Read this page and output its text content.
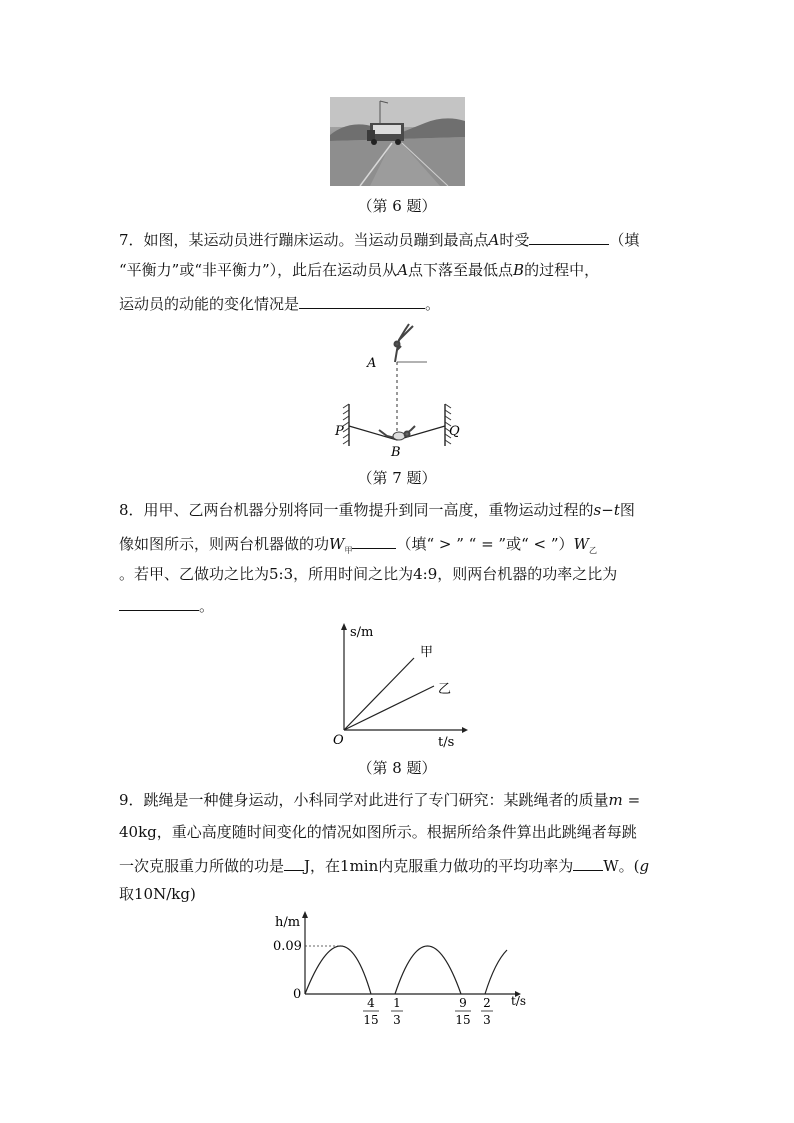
（第 6 题）
7．如图，某运动员进行蹦床运动。当运动员蹦到最高点A时受	（填
“平衡力”或“非平衡力”），此后在运动员从A点下落至最低点B的过程中，
运动员的动能的变化情况是	。
A
P	Q
B
（第 7 题）
8．用甲、乙两台机器分别将同一重物提升到同一高度，重物运动过程的s−t图
像如图所示，则两台机器做的功$W_甲$	（填“ > ” “ = ”或“ < $”)W_乙$
。若甲、乙做功之比为5:3，所用时间之比为4:9，则两台机器的功率之比为
。
s/m
t/s
O
甲
乙
（第 8 题）
9．跳绳是一种健身运动，小科同学对此进行了专门研究：某跳绳者的质量m =
40kg，重心高度随时间变化的情况如图所示。根据所给条件算出此跳绳者每跳
一次克服重力所做的功是 J，在1min内克服重力做功的平均功率为 W。(g
取10N/kg)
h/m
t/s
0.09
0
4
15
1
3
9
15
2
3
